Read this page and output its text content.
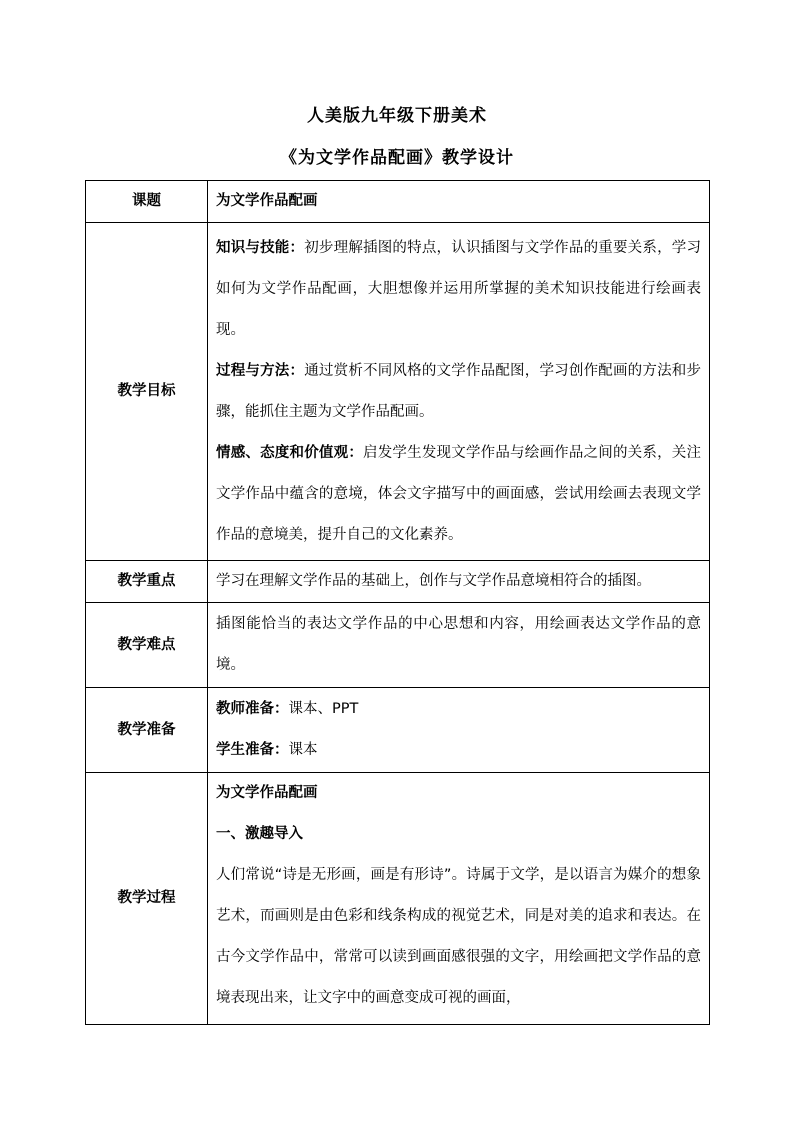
人美版九年级下册美术
《为文学作品配画》教学设计
课题	为文学作品配画
教学目标	知识与技能：初步理解插图的特点，认识插图与文学作品的重要关系，学习如何为文学作品配画，大胆想像并运用所掌握的美术知识技能进行绘画表现。

过程与方法：通过赏析不同风格的文学作品配图，学习创作配画的方法和步骤，能抓住主题为文学作品配画。

情感、态度和价值观：启发学生发现文学作品与绘画作品之间的关系，关注文学作品中蕴含的意境，体会文字描写中的画面感，尝试用绘画去表现文学作品的意境美，提升自己的文化素养。

教学重点	学习在理解文学作品的基础上，创作与文学作品意境相符合的插图。
教学难点	插图能恰当的表达文学作品的中心思想和内容，用绘画表达文学作品的意境。
教学准备	教师准备：课本、PPT

学生准备：课本

教学过程	为文学作品配画

一、激趣导入

人们常说“诗是无形画，画是有形诗”。诗属于文学，是以语言为媒介的想象艺术，而画则是由色彩和线条构成的视觉艺术，同是对美的追求和表达。在古今文学作品中，常常可以读到画面感很强的文字，用绘画把文学作品的意境表现出来，让文字中的画意变成可视的画面，
